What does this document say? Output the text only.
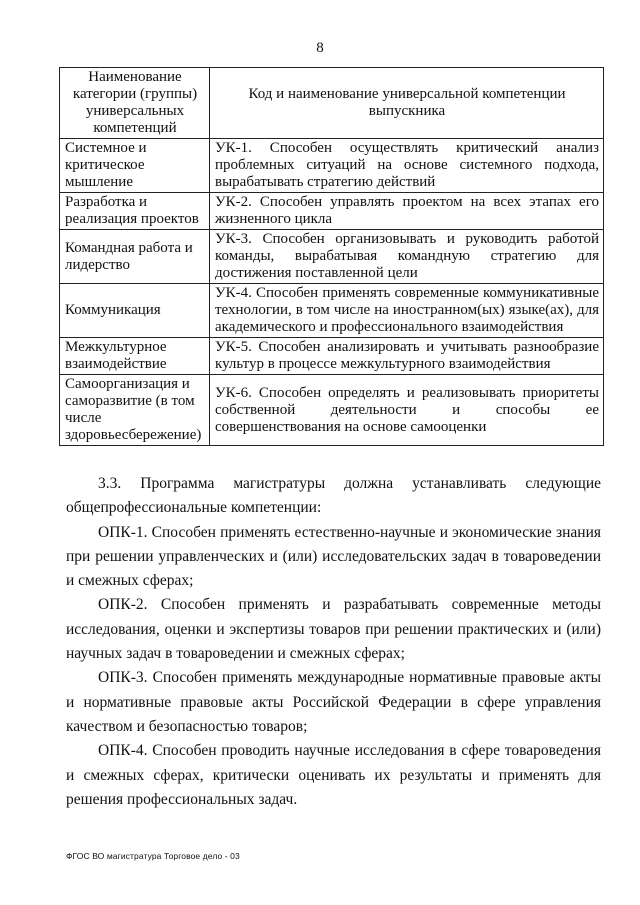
8
Наименование категории (группы) универсальных компетенций	Код и наименование универсальной компетенции выпускника
Системное и критическое мышление	УК-1. Способен осуществлять критический анализ проблемных ситуаций на основе системного подхода, вырабатывать стратегию действий
Разработка и реализация проектов	УК-2. Способен управлять проектом на всех этапах его жизненного цикла
Командная работа и лидерство	УК-3. Способен организовывать и руководить работой команды, вырабатывая командную стратегию для достижения поставленной цели
Коммуникация	УК-4. Способен применять современные коммуникативные технологии, в том числе на иностранном(ых) языке(ах), для академического и профессионального взаимодействия
Межкультурное взаимодействие	УК-5. Способен анализировать и учитывать разнообразие культур в процессе межкультурного взаимодействия
Самоорганизация и саморазвитие (в том числе здоровьесбережение)	УК-6. Способен определять и реализовывать приоритеты собственной деятельности и способы ее совершенствования на основе самооценки

3.3. Программа магистратуры должна устанавливать следующие общепрофессиональные компетенции:

ОПК-1. Способен применять естественно-научные и экономические знания при решении управленческих и (или) исследовательских задач в товароведении и смежных сферах;

ОПК-2. Способен применять и разрабатывать современные методы исследования, оценки и экспертизы товаров при решении практических и (или) научных задач в товароведении и смежных сферах;

ОПК-3. Способен применять международные нормативные правовые акты и нормативные правовые акты Российской Федерации в сфере управления качеством и безопасностью товаров;

ОПК-4. Способен проводить научные исследования в сфере товароведения и смежных сферах, критически оценивать их результаты и применять для решения профессиональных задач.

ФГОС ВО магистратура Торговое дело - 03
